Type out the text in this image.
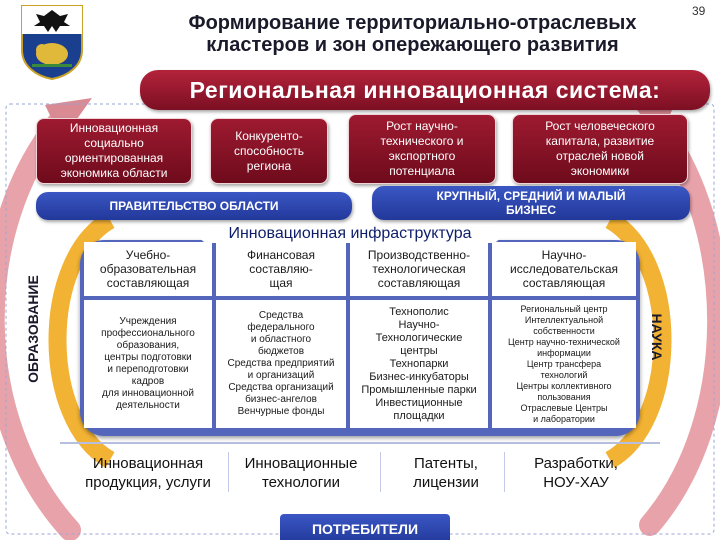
39
Формирование территориально-отраслевых
кластеров и зон опережающего развития
Региональная инновационная система:
Инновационная
социально
ориентированная
экономика области
Конкуренто-
способность
региона
Рост научно-
технического и
экспортного
потенциала
Рост человеческого
капитала, развитие
отраслей новой
экономики
ПРАВИТЕЛЬСТВО ОБЛАСТИ
КРУПНЫЙ, СРЕДНИЙ И МАЛЫЙ
БИЗНЕС
ОБРАЗОВАНИЕ	НАУКА
Инновационная инфраструктура
Учебно-
образовательная
составляющая
Финансовая
составляю-
щая
Производственно-
технологическая
составляющая
Научно-
исследовательская
составляющая
Учреждения
профессионального
образования,
центры подготовки
и переподготовки
кадров
для инновационной
деятельности
Средства
федерального
и областного
бюджетов
Средства предприятий
и организаций
Средства организаций
бизнес-ангелов
Венчурные фонды
Технополис
Научно-
Технологические
центры
Технопарки
Бизнес-инкубаторы
Промышленные парки
Инвестиционные
площадки
Региональный центр
Интеллектуальной
собственности
Центр научно-технической
информации
Центр трансфера
технологий
Центры коллективного
пользования
Отраслевые Центры
и лаборатории
Инновационная
продукция, услуги
Инновационные
технологии
Патенты,
лицензии
Разработки,
НОУ-ХАУ
ПОТРЕБИТЕЛИ
